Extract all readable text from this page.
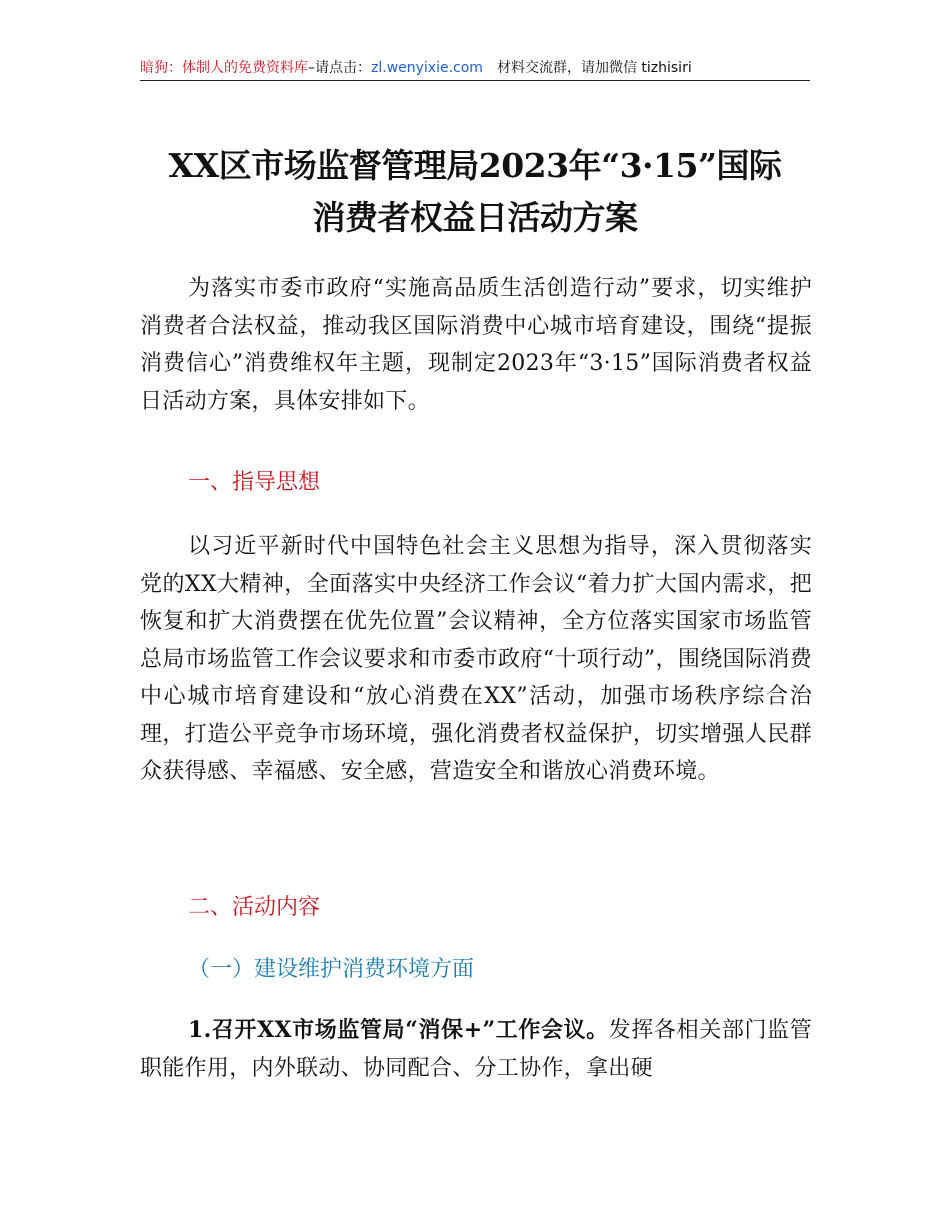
暗狗：体制人的免费资料库–请点击：zl.wenyixie.com 材料交流群，请加微信 tizhisiri
XX区市场监督管理局2023年“3·15”国际
消费者权益日活动方案
为落实市委市政府“实施高品质生活创造行动”要求，切实维护消费者合法权益，推动我区国际消费中心城市培育建设，围绕“提振消费信心”消费维权年主题，现制定2023年“3·15”国际消费者权益日活动方案，具体安排如下。
一、指导思想
以习近平新时代中国特色社会主义思想为指导，深入贯彻落实党的XX大精神，全面落实中央经济工作会议“着力扩大国内需求，把恢复和扩大消费摆在优先位置”会议精神，全方位落实国家市场监管总局市场监管工作会议要求和市委市政府“十项行动”，围绕国际消费中心城市培育建设和“放心消费在XX”活动，加强市场秩序综合治理，打造公平竞争市场环境，强化消费者权益保护，切实增强人民群众获得感、幸福感、安全感，营造安全和谐放心消费环境。
二、活动内容
（一）建设维护消费环境方面
1.召开XX市场监管局“消保+”工作会议。发挥各相关部门监管职能作用，内外联动、协同配合、分工协作，拿出硬
